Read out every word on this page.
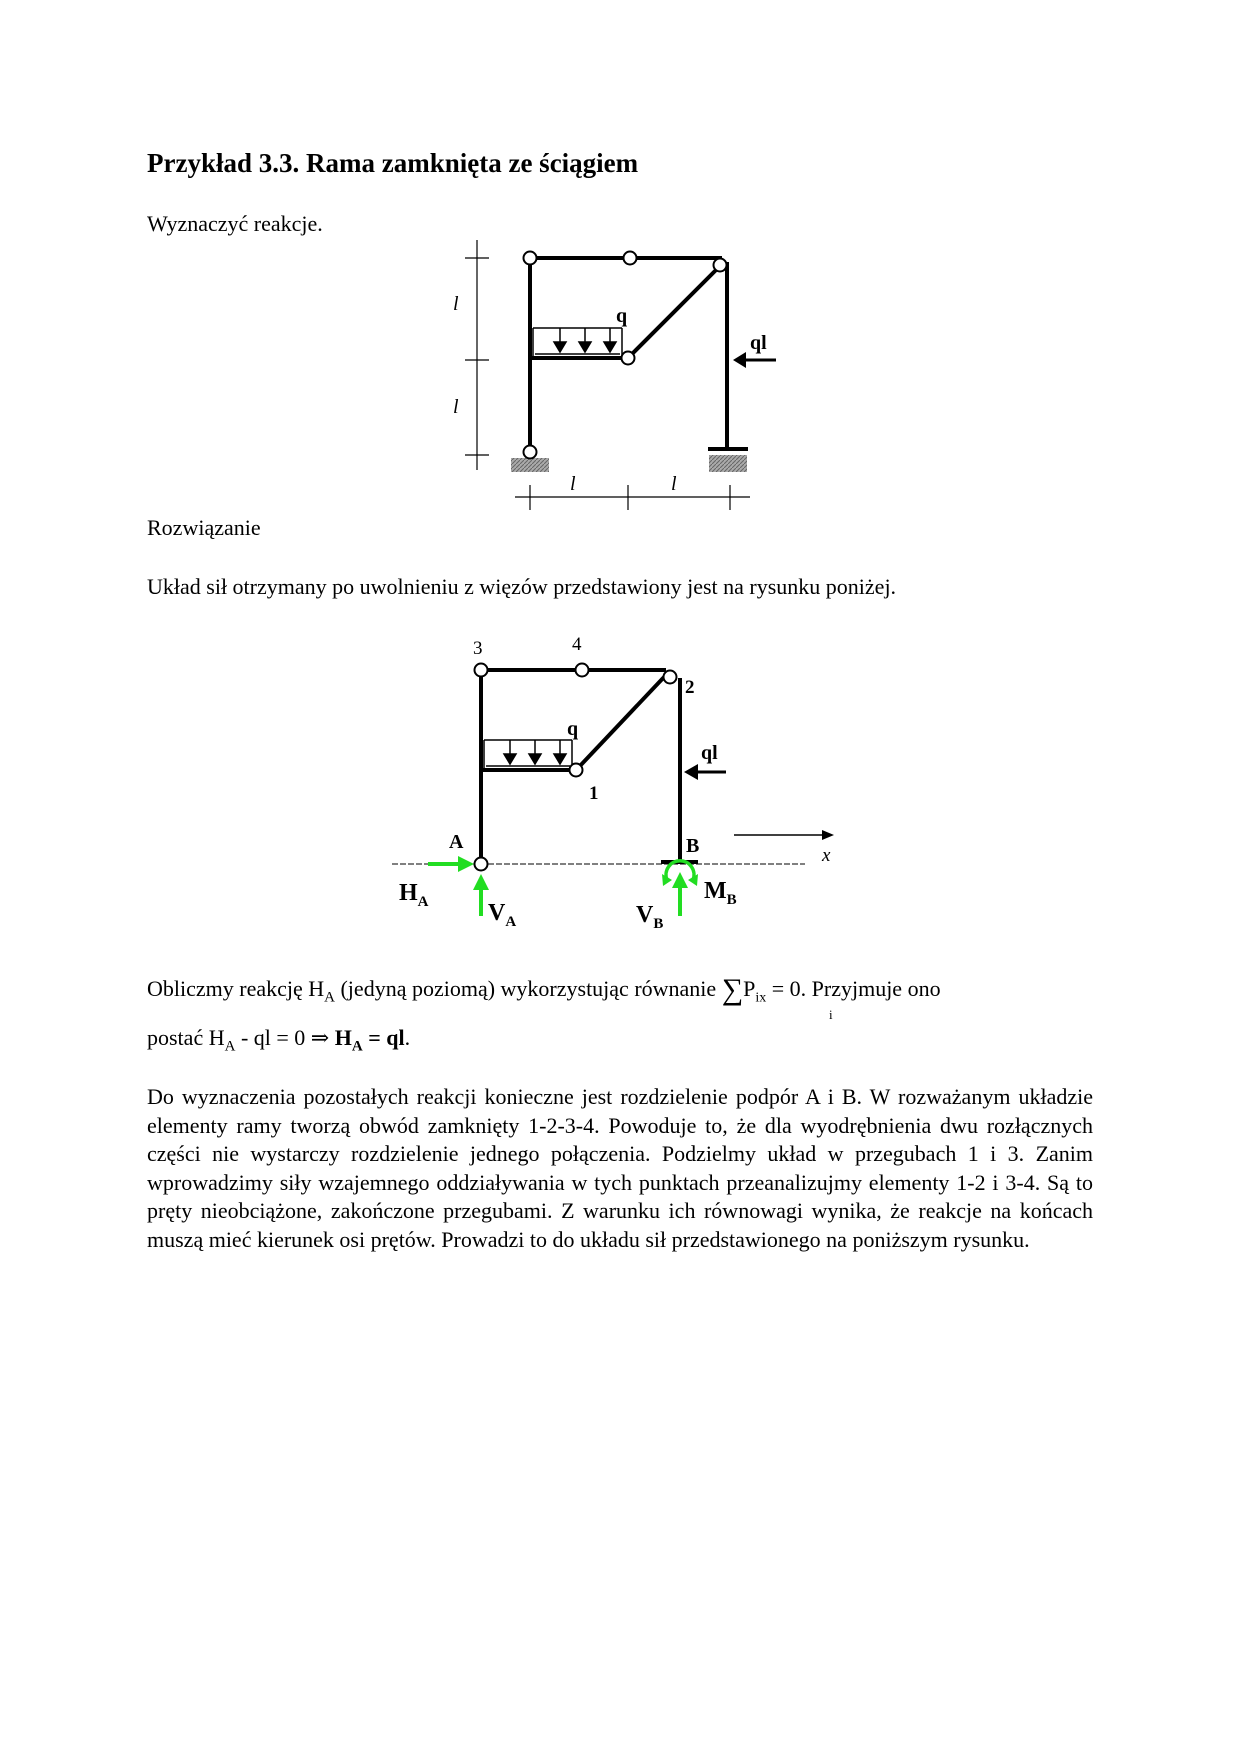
Przykład 3.3. Rama zamknięta ze ściągiem
Wyznaczyć reakcje.
l
l
l	l
q
ql
Rozwiązanie
Układ sił otrzymany po uwolnieniu z więzów przedstawiony jest na rysunku poniżej.
q
ql
x
3	4
2
1
A	B
$H_A$ $V_A$	$V_B$
$M_B$
Obliczmy reakcję $H_A$ (jedyną poziomą) wykorzystując równanie $\sum P_{ix} = 0$. Przyjmuje ono
i
postać $H_A$ - ql = 0 ⇒ $H_A$ = ql.

Do wyznaczenia pozostałych reakcji konieczne jest rozdzielenie podpór A i B. W rozważanym układzie elementy ramy tworzą obwód zamknięty 1-2-3-4. Powoduje to, że dla wyodrębnienia dwu rozłącznych części nie wystarczy rozdzielenie jednego połączenia. Podzielmy układ w przegubach 1 i 3. Zanim wprowadzimy siły wzajemnego oddziaływania w tych punktach przeanalizujmy elementy 1-2 i 3-4. Są to pręty nieobciążone, zakończone przegubami. Z warunku ich równowagi wynika, że reakcje na końcach muszą mieć kierunek osi prętów. Prowadzi to do układu sił przedstawionego na poniższym rysunku.
